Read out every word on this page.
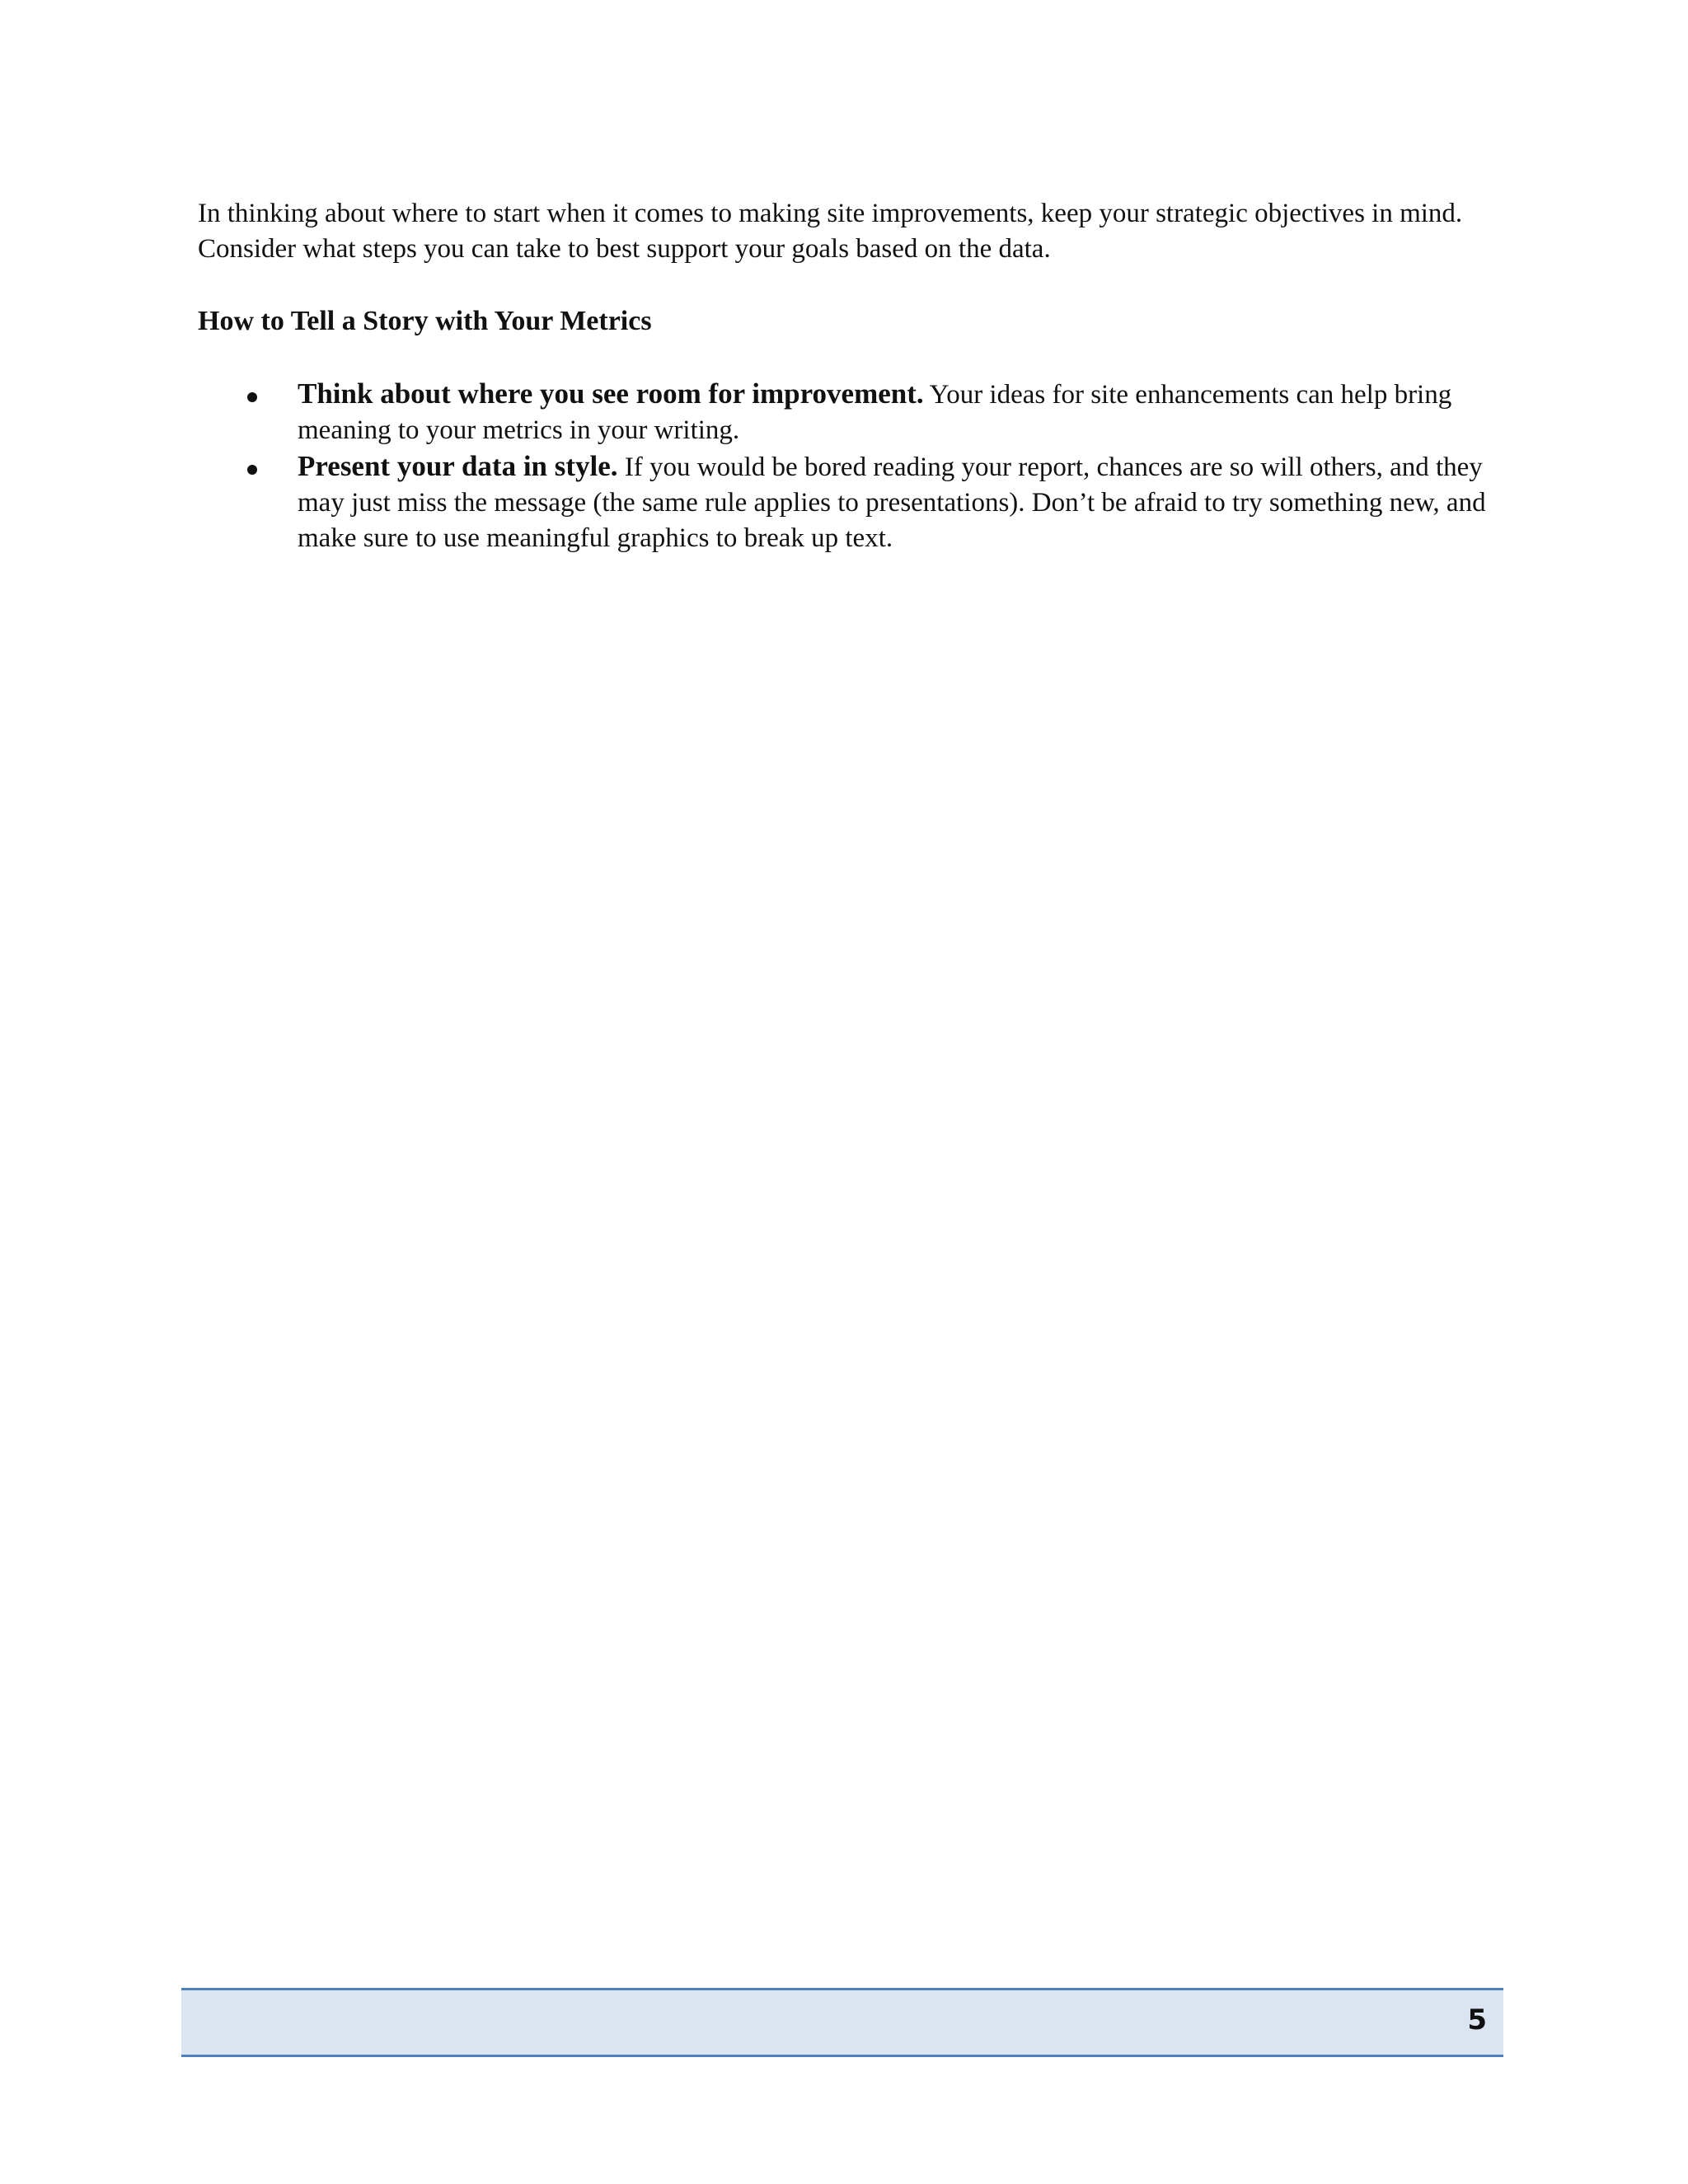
In thinking about where to start when it comes to making site improvements, keep your strategic objectives in mind. Consider what steps you can take to best support your goals based on the data.

How to Tell a Story with Your Metrics
Think about where you see room for improvement. Your ideas for site enhancements can help bring meaning to your metrics in your writing.
Present your data in style. If you would be bored reading your report, chances are so will others, and they may just miss the message (the same rule applies to presentations). Don’t be afraid to try something new, and make sure to use meaningful graphics to break up text.
5
